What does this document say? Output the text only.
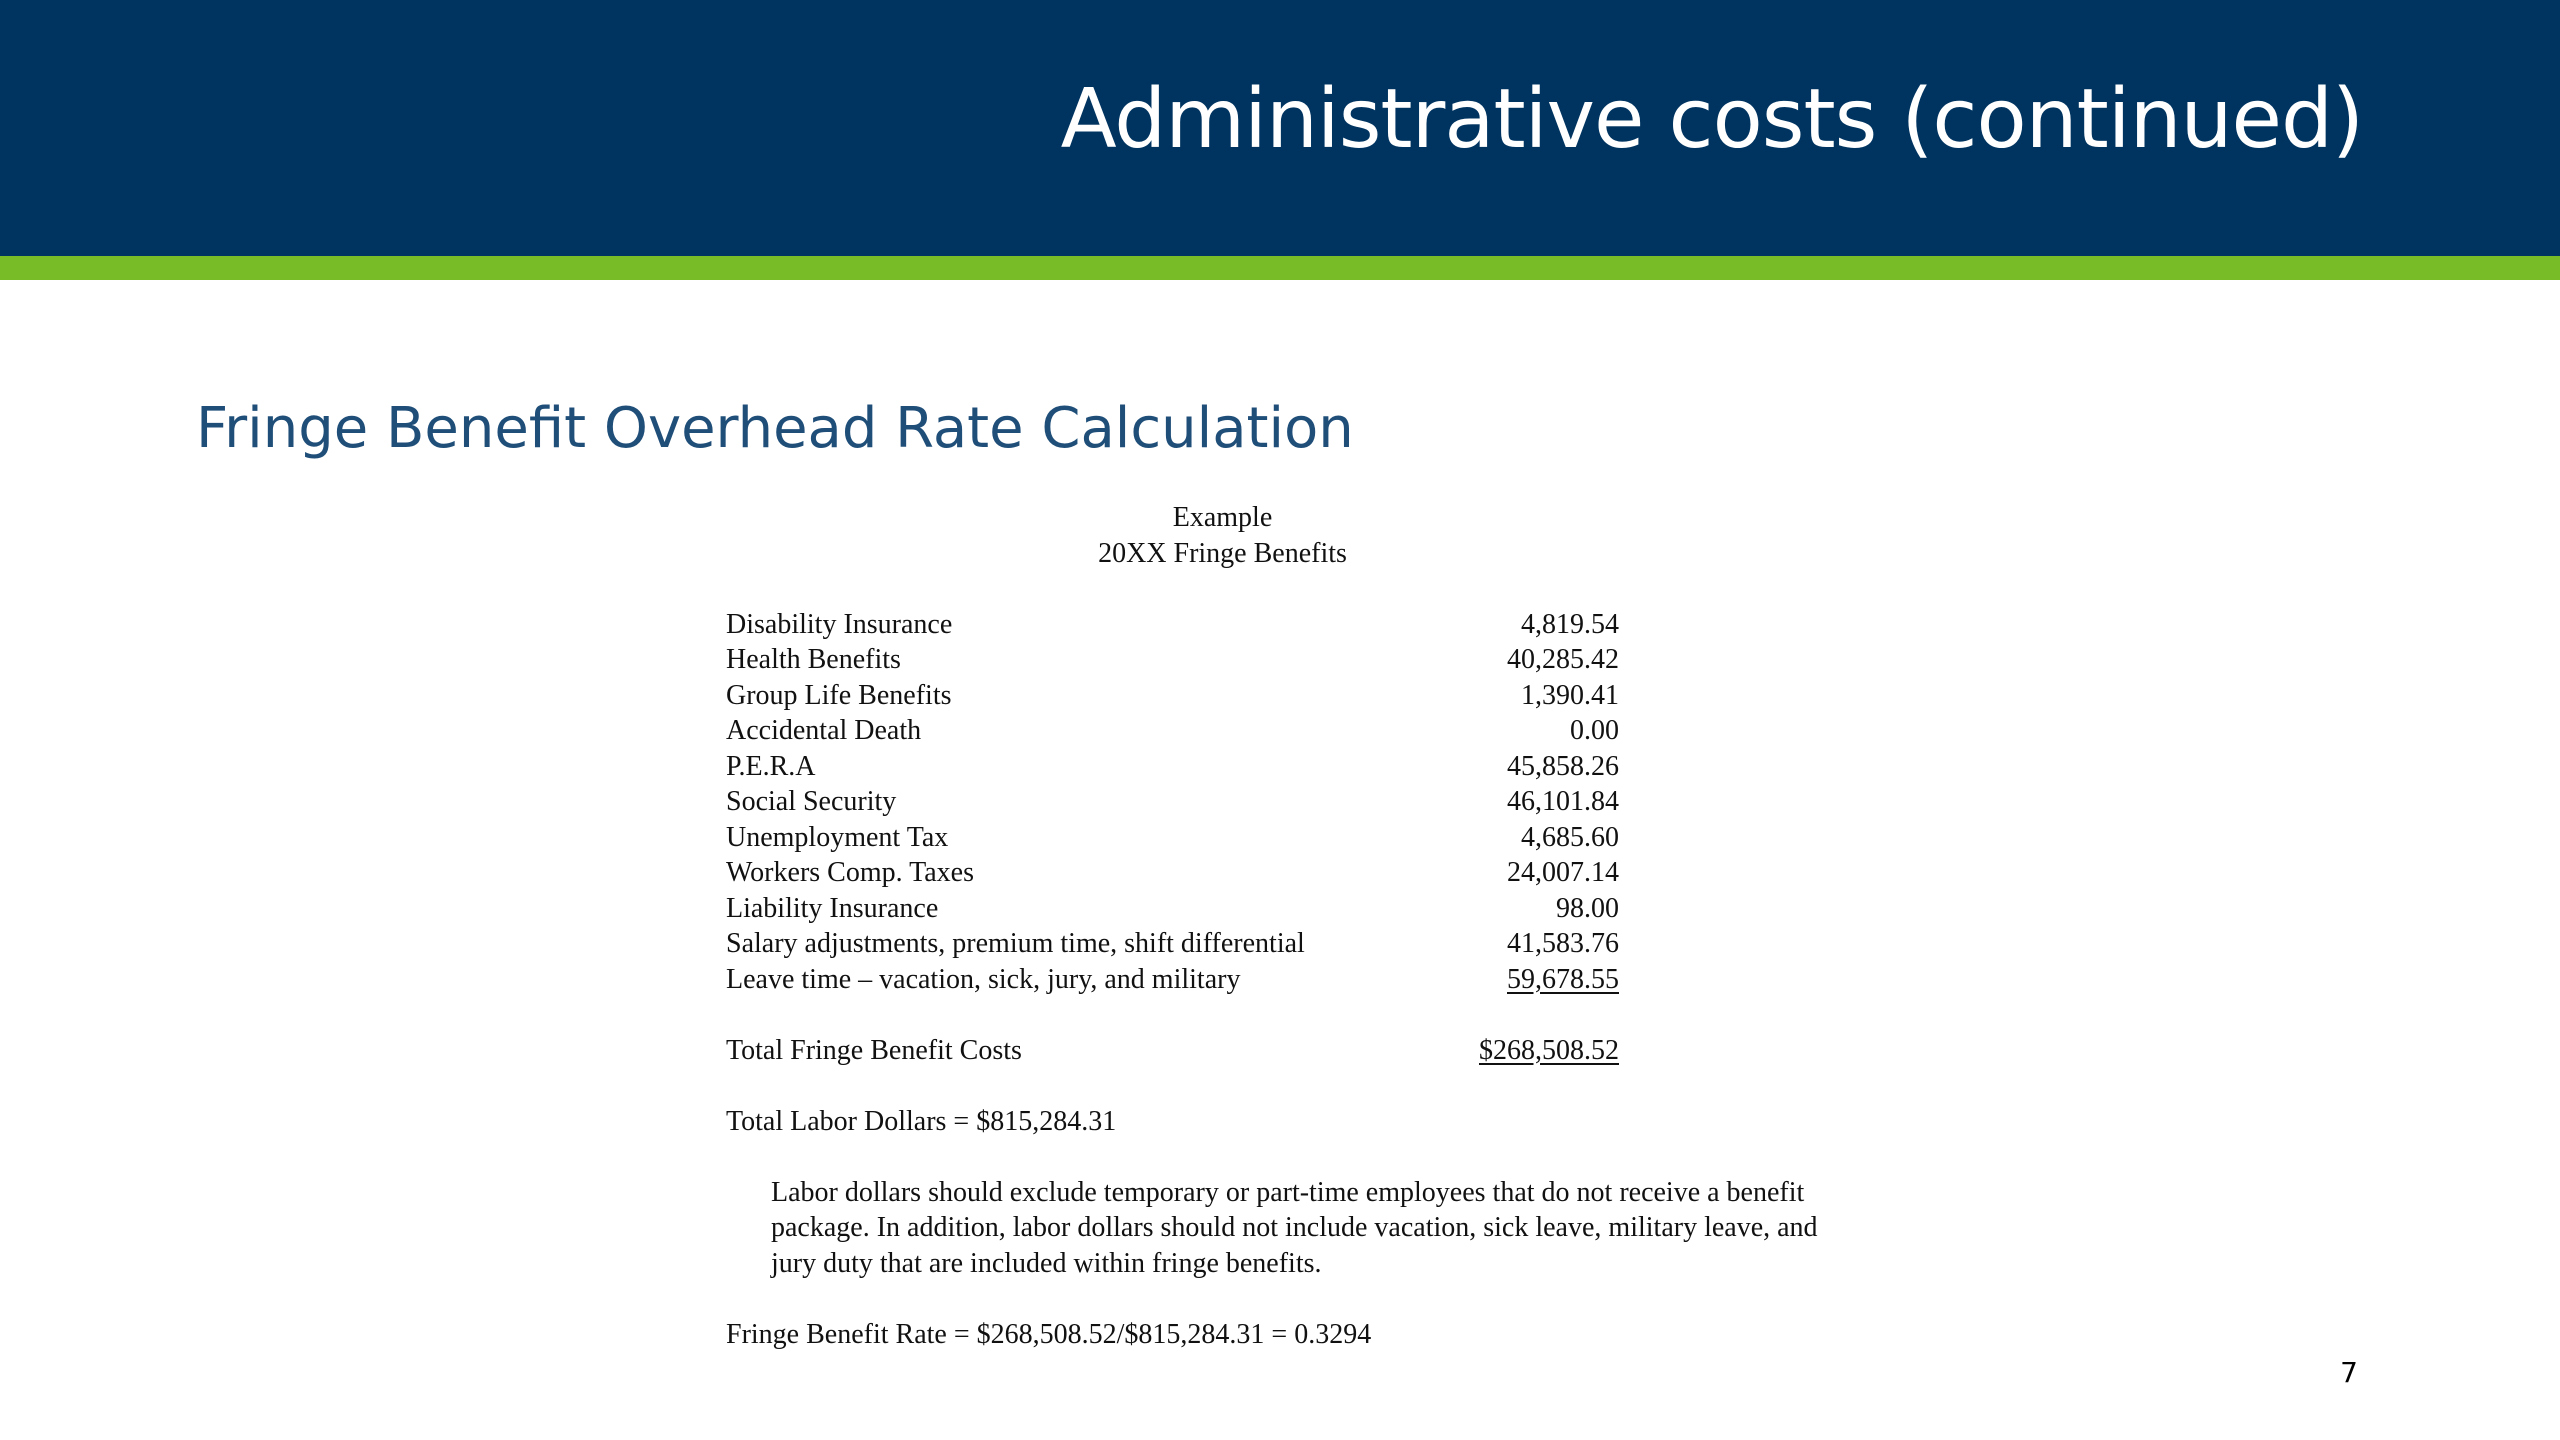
Administrative costs (continued)
Fringe Benefit Overhead Rate Calculation
Example
20XX Fringe Benefits
Disability Insurance	4,819.54
Health Benefits	40,285.42
Group Life Benefits	1,390.41
Accidental Death	0.00
P.E.R.A	45,858.26
Social Security	46,101.84
Unemployment Tax	4,685.60
Workers Comp. Taxes	24,007.14
Liability Insurance	98.00
Salary adjustments, premium time, shift differential	41,583.76
Leave time – vacation, sick, jury, and military	59,678.55
Total Fringe Benefit Costs	$268,508.52
Total Labor Dollars = $815,284.31
Labor dollars should exclude temporary or part-time employees that do not receive a benefit package. In addition, labor dollars should not include vacation, sick leave, military leave, and jury duty that are included within fringe benefits.
Fringe Benefit Rate = $268,508.52/$815,284.31 = 0.3294
7
